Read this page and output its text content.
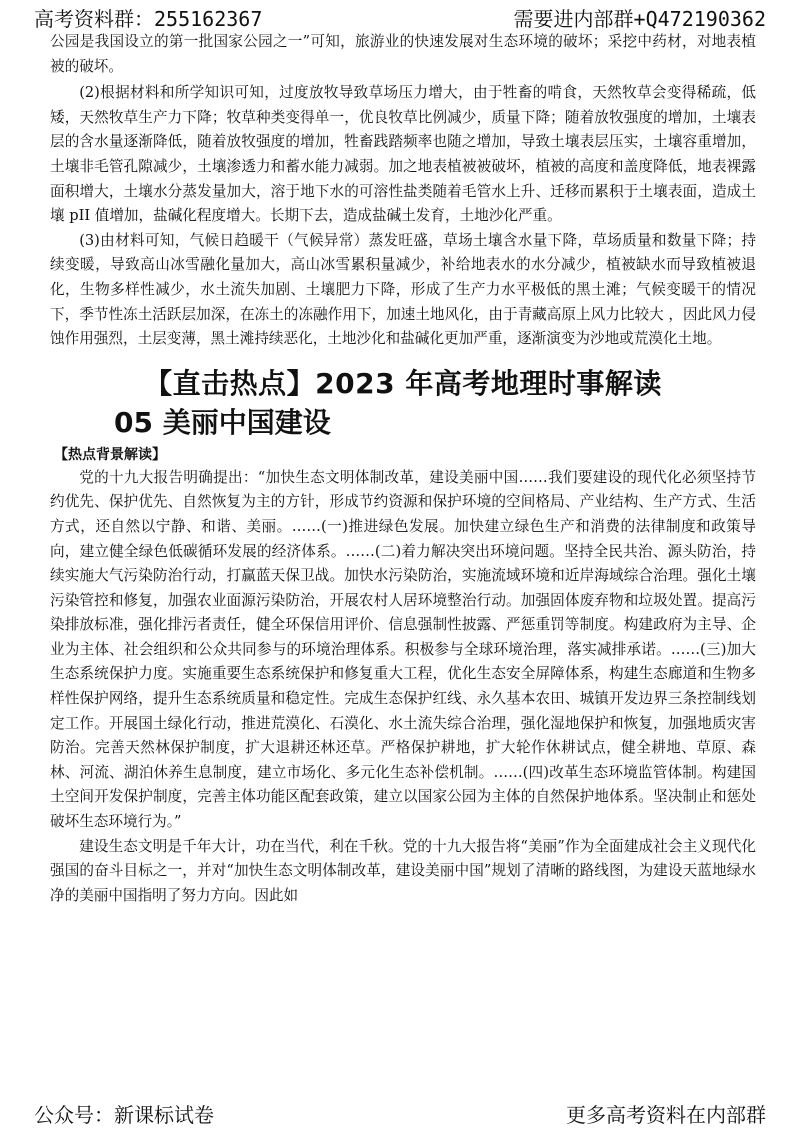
高考资料群：255162367	需要进内部群+Q472190362

公园是我国设立的第一批国家公园之一”可知，旅游业的快速发展对生态环境的破坏；采挖中药材，对地表植被的破坏。

(2)根据材料和所学知识可知，过度放牧导致草场压力增大，由于牲畜的啃食，天然牧草会变得稀疏，低矮，天然牧草生产力下降；牧草种类变得单一，优良牧草比例减少，质量下降；随着放牧强度的增加，土壤表层的含水量逐渐降低，随着放牧强度的增加，牲畜践踏频率也随之增加，导致土壤表层压实，土壤容重增加，土壤非毛管孔隙减少，土壤渗透力和蓄水能力减弱。加之地表植被被破坏，植被的高度和盖度降低，地表裸露面积增大，土壤水分蒸发量加大，溶于地下水的可溶性盐类随着毛管水上升、迁移而累积于土壤表面，造成土壤 pII 值增加，盐碱化程度增大。长期下去，造成盐碱土发育，土地沙化严重。

(3)由材料可知，气候日趋暖干（气候异常）蒸发旺盛，草场土壤含水量下降，草场质量和数量下降；持续变暖，导致高山冰雪融化量加大，高山冰雪累积量减少，补给地表水的水分减少，植被缺水而导致植被退化，生物多样性减少，水土流失加剧、土壤肥力下降，形成了生产力水平极低的黑土滩；气候变暖干的情况下，季节性冻土活跃层加深，在冻土的冻融作用下，加速土地风化，由于青藏高原上风力比较大 ，因此风力侵蚀作用强烈，土层变薄，黑土滩持续恶化，土地沙化和盐碱化更加严重，逐渐演变为沙地或荒漠化土地。

【直击热点】2023 年高考地理时事解读
05 美丽中国建设
【热点背景解读】

党的十九大报告明确提出：“加快生态文明体制改革，建设美丽中国……我们要建设的现代化必须坚持节约优先、保护优先、自然恢复为主的方针，形成节约资源和保护环境的空间格局、产业结构、生产方式、生活方式，还自然以宁静、和谐、美丽。……(一)推进绿色发展。加快建立绿色生产和消费的法律制度和政策导向，建立健全绿色低碳循环发展的经济体系。……(二)着力解决突出环境问题。坚持全民共治、源头防治，持续实施大气污染防治行动，打赢蓝天保卫战。加快水污染防治，实施流域环境和近岸海域综合治理。强化土壤污染管控和修复，加强农业面源污染防治，开展农村人居环境整治行动。加强固体废弃物和垃圾处置。提高污染排放标准，强化排污者责任，健全环保信用评价、信息强制性披露、严惩重罚等制度。构建政府为主导、企业为主体、社会组织和公众共同参与的环境治理体系。积极参与全球环境治理，落实减排承诺。……(三)加大生态系统保护力度。实施重要生态系统保护和修复重大工程，优化生态安全屏障体系，构建生态廊道和生物多样性保护网络，提升生态系统质量和稳定性。完成生态保护红线、永久基本农田、城镇开发边界三条控制线划定工作。开展国土绿化行动，推进荒漠化、石漠化、水土流失综合治理，强化湿地保护和恢复，加强地质灾害防治。完善天然林保护制度，扩大退耕还林还草。严格保护耕地，扩大轮作休耕试点，健全耕地、草原、森林、河流、湖泊休养生息制度，建立市场化、多元化生态补偿机制。……(四)改革生态环境监管体制。构建国土空间开发保护制度，完善主体功能区配套政策，建立以国家公园为主体的自然保护地体系。坚决制止和惩处破坏生态环境行为。”

建设生态文明是千年大计，功在当代，利在千秋。党的十九大报告将“美丽”作为全面建成社会主义现代化强国的奋斗目标之一，并对“加快生态文明体制改革，建设美丽中国”规划了清晰的路线图，为建设天蓝地绿水净的美丽中国指明了努力方向。因此如

公众号：新课标试卷	更多高考资料在内部群
